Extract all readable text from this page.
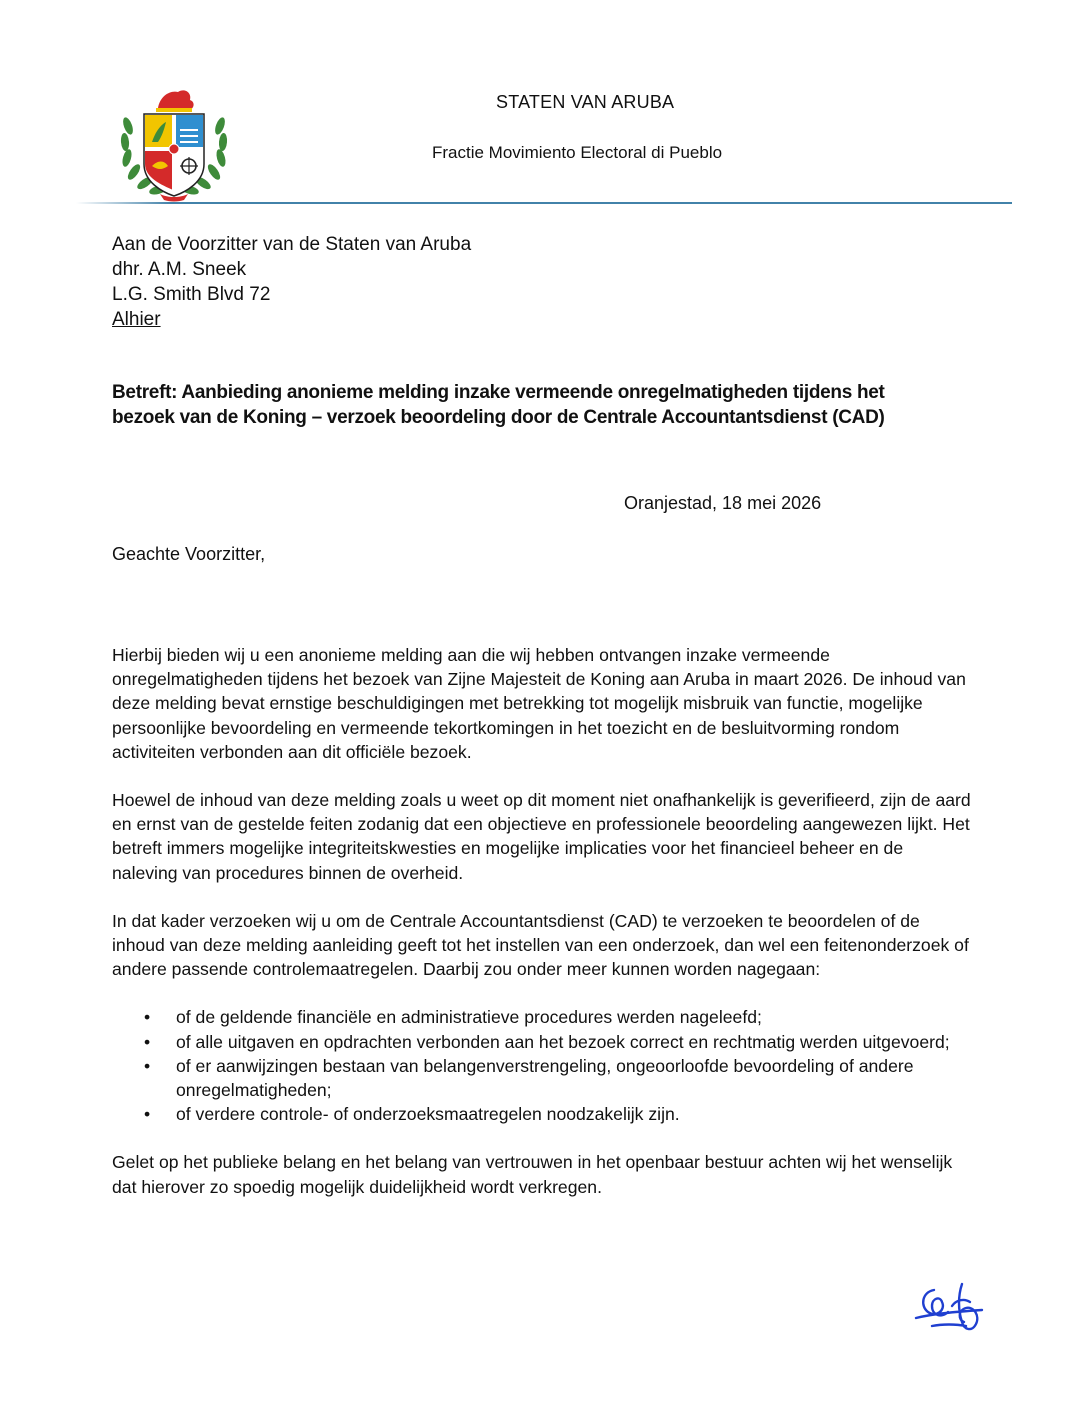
STATEN VAN ARUBA
Fractie Movimiento Electoral di Pueblo
Aan de Voorzitter van de Staten van Aruba
dhr. A.M. Sneek
L.G. Smith Blvd 72
Alhier
Betreft: Aanbieding anonieme melding inzake vermeende onregelmatigheden tijdens het
bezoek van de Koning – verzoek beoordeling door de Centrale Accountantsdienst (CAD)
Oranjestad, 18 mei 2026
Geachte Voorzitter,

Hierbij bieden wij u een anonieme melding aan die wij hebben ontvangen inzake vermeende onregelmatigheden tijdens het bezoek van Zijne Majesteit de Koning aan Aruba in maart 2026. De inhoud van deze melding bevat ernstige beschuldigingen met betrekking tot mogelijk misbruik van functie, mogelijke persoonlijke bevoordeling en vermeende tekortkomingen in het toezicht en de besluitvorming rondom activiteiten verbonden aan dit officiële bezoek.

Hoewel de inhoud van deze melding zoals u weet op dit moment niet onafhankelijk is geverifieerd, zijn de aard en ernst van de gestelde feiten zodanig dat een objectieve en professionele beoordeling aangewezen lijkt. Het betreft immers mogelijke integriteitskwesties en mogelijke implicaties voor het financieel beheer en de naleving van procedures binnen de overheid.

In dat kader verzoeken wij u om de Centrale Accountantsdienst (CAD) te verzoeken te beoordelen of de inhoud van deze melding aanleiding geeft tot het instellen van een onderzoek, dan wel een feitenonderzoek of andere passende controlemaatregelen. Daarbij zou onder meer kunnen worden nagegaan:

• of de geldende financiële en administratieve procedures werden nageleefd;
• of alle uitgaven en opdrachten verbonden aan het bezoek correct en rechtmatig werden uitgevoerd;
• of er aanwijzingen bestaan van belangenverstrengeling, ongeoorloofde bevoordeling of andere onregelmatigheden;
• of verdere controle- of onderzoeksmaatregelen noodzakelijk zijn.

Gelet op het publieke belang en het belang van vertrouwen in het openbaar bestuur achten wij het wenselijk dat hierover zo spoedig mogelijk duidelijkheid wordt verkregen.
